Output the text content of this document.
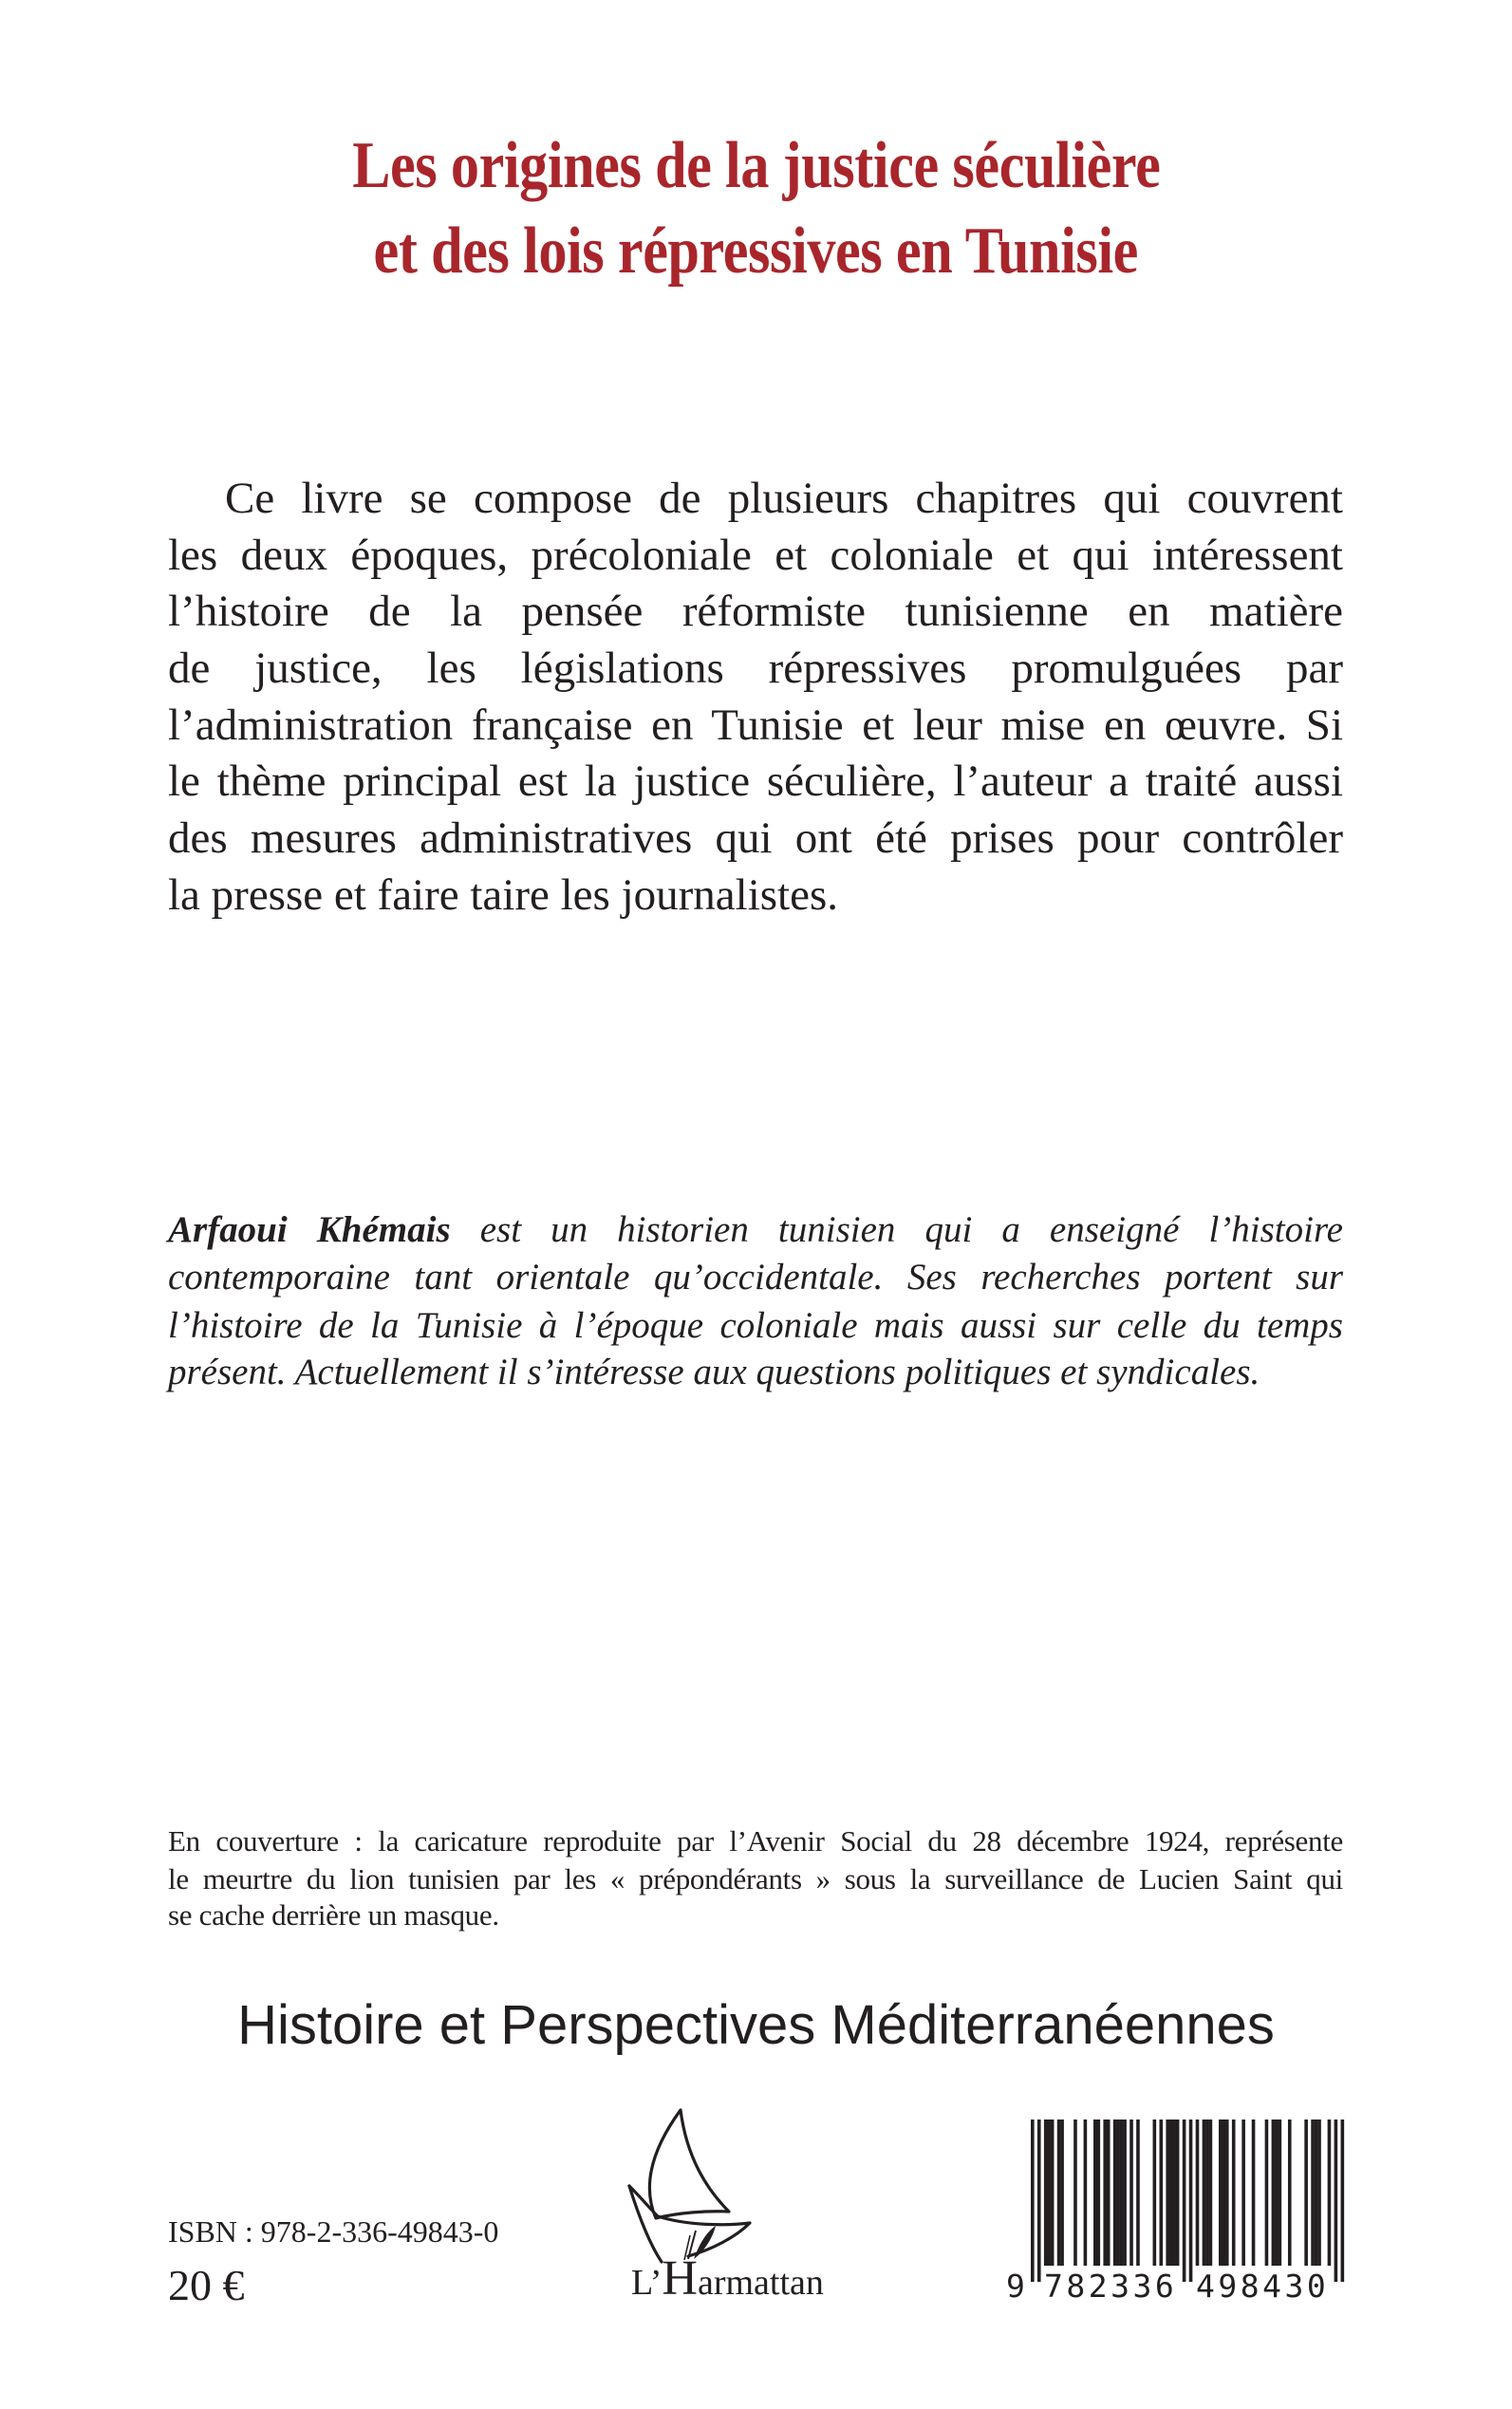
Les origines de la justice séculière
et des lois répressives en Tunisie
Ce livre se compose de plusieurs chapitres qui couvrent
les deux époques, précoloniale et coloniale et qui intéressent
l’histoire de la pensée réformiste tunisienne en matière
de justice, les législations répressives promulguées par
l’administration française en Tunisie et leur mise en œuvre. Si
le thème principal est la justice séculière, l’auteur a traité aussi
des mesures administratives qui ont été prises pour contrôler
la presse et faire taire les journalistes.
Arfaoui Khémais est un historien tunisien qui a enseigné l’histoire
contemporaine tant orientale qu’occidentale. Ses recherches portent sur
l’histoire de la Tunisie à l’époque coloniale mais aussi sur celle du temps
présent. Actuellement il s’intéresse aux questions politiques et syndicales.
En couverture : la caricature reproduite par l’Avenir Social du 28 décembre 1924, représente
le meurtre du lion tunisien par les « prépondérants » sous la surveillance de Lucien Saint qui
se cache derrière un masque.
Histoire et Perspectives Méditerranéennes
ISBN : 978-2-336-49843-0
20 €	L’Harmattan	9 782336 498430
